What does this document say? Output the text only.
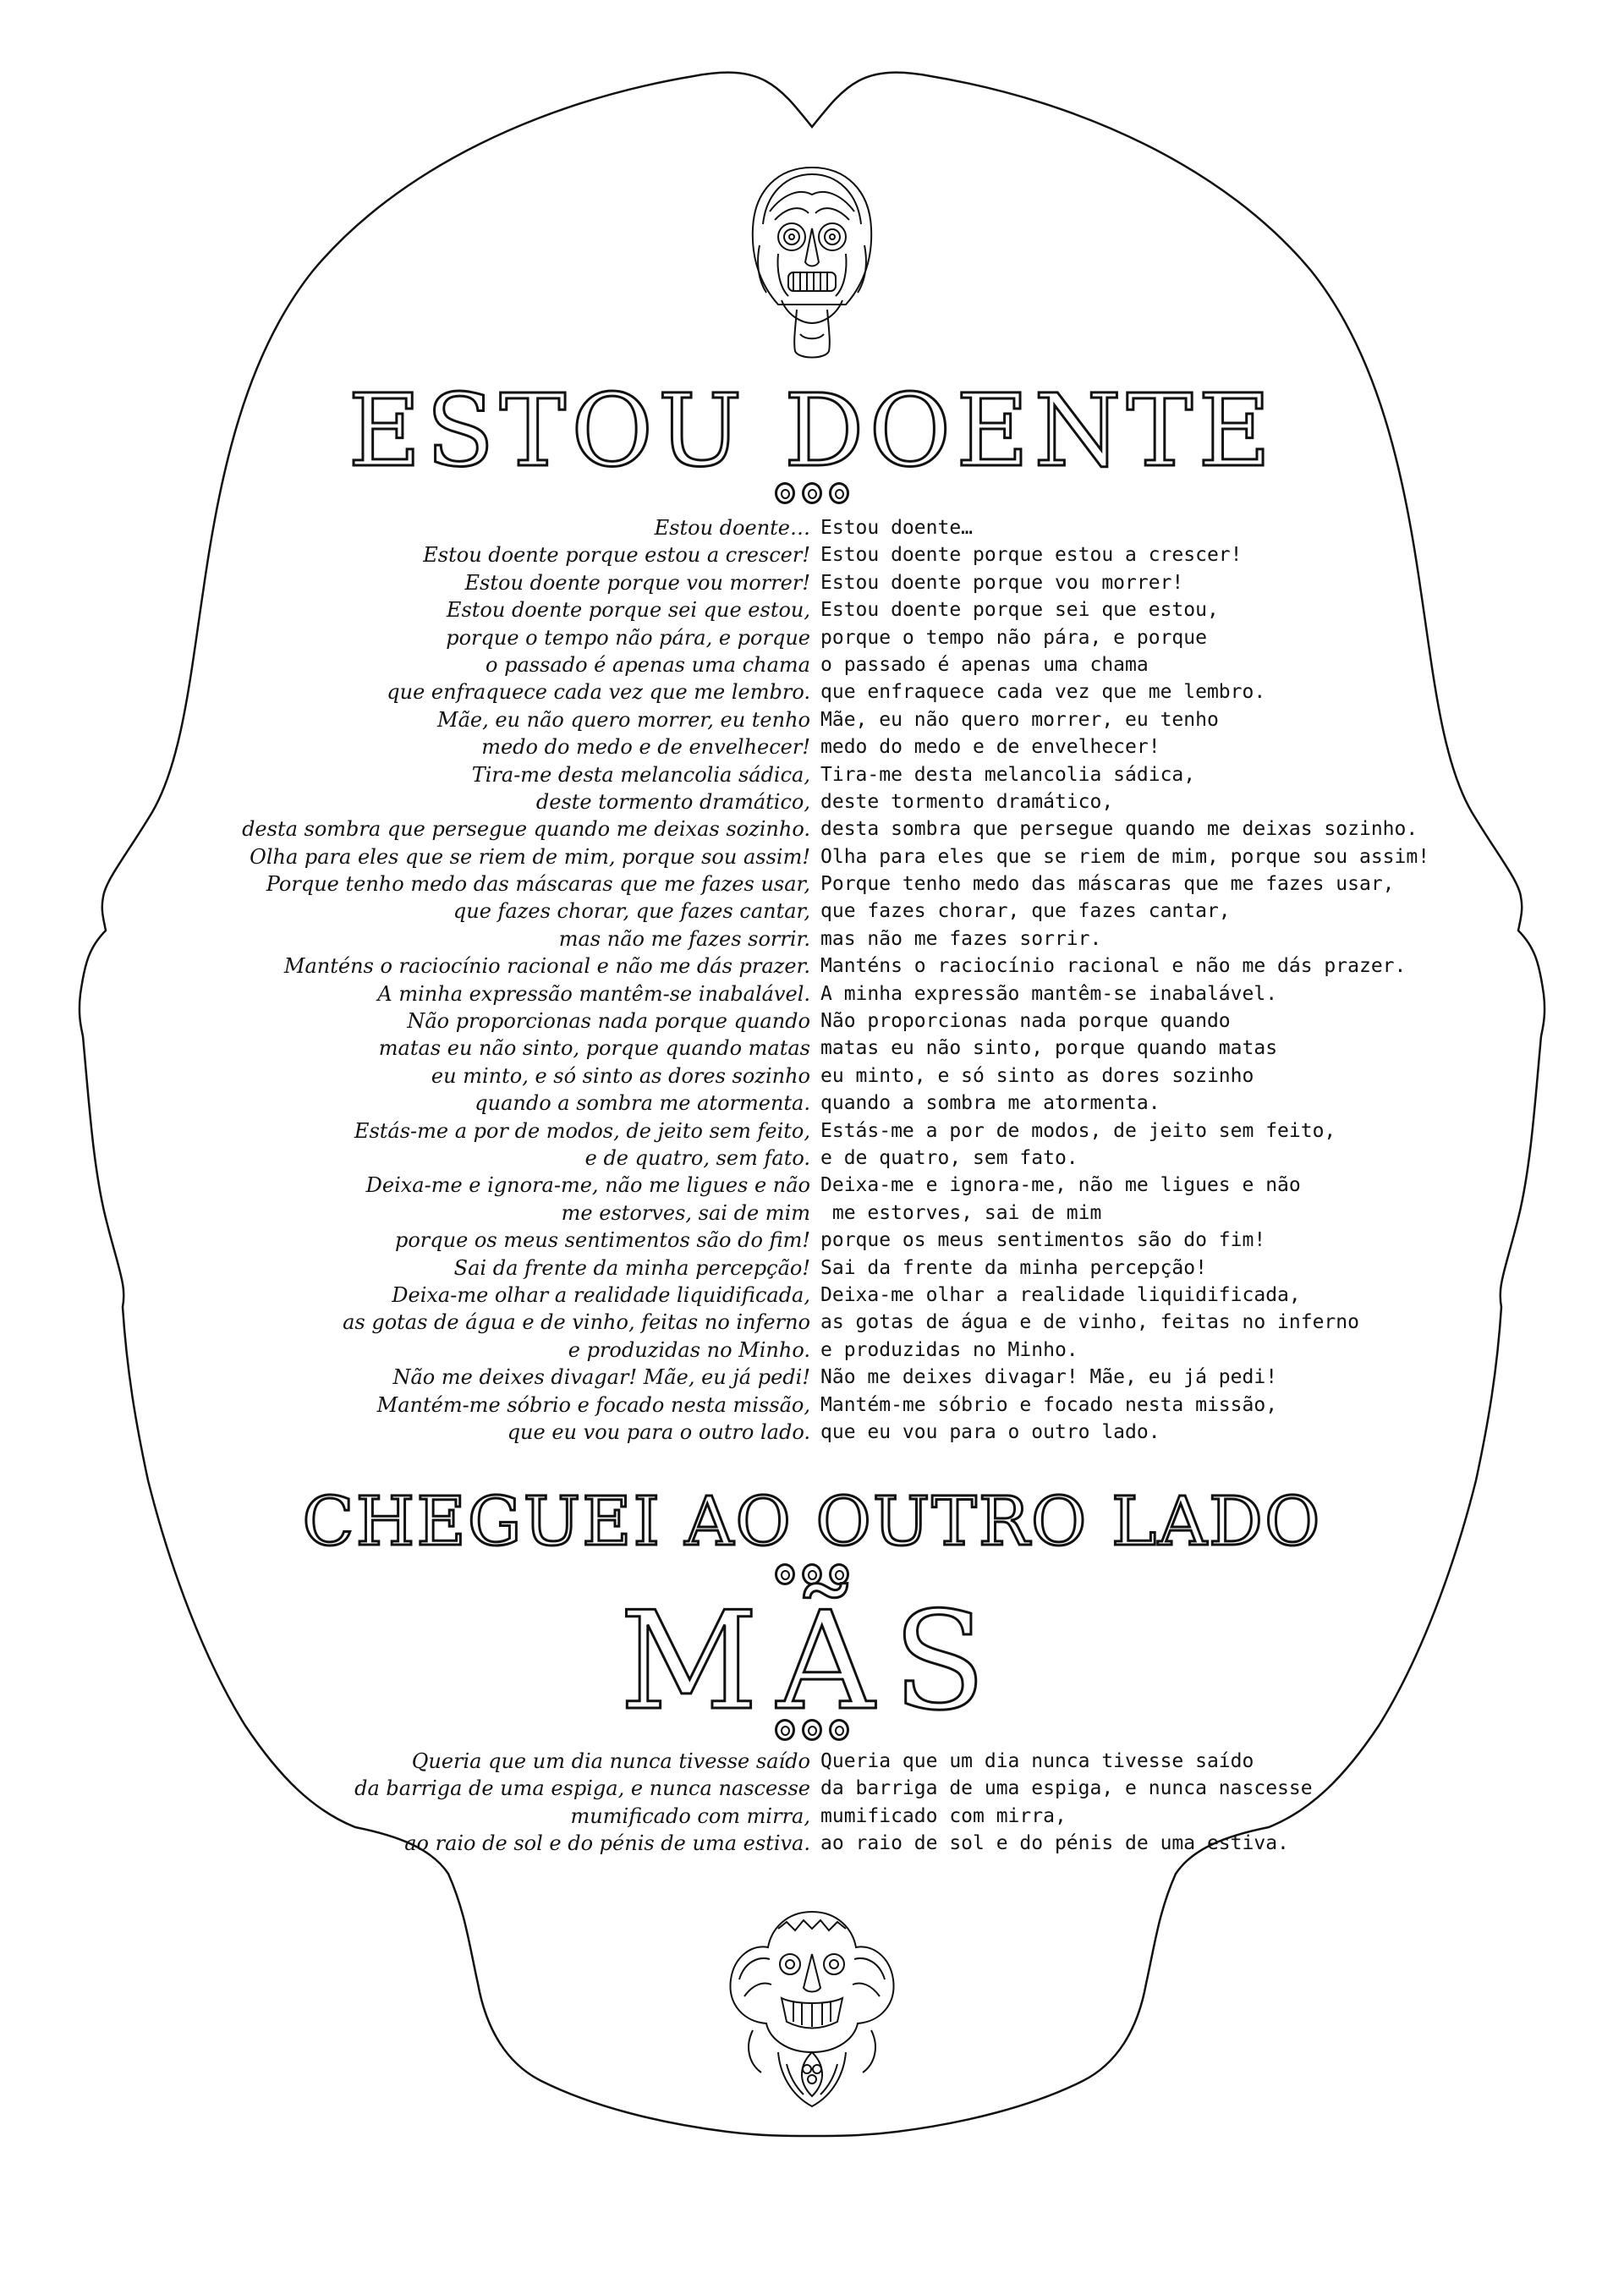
ESTOU DOENTE
Estou doente…
Estou doente porque estou a crescer!
Estou doente porque vou morrer!
Estou doente porque sei que estou,
porque o tempo não pára, e porque
o passado é apenas uma chama
que enfraquece cada vez que me lembro.
Mãe, eu não quero morrer, eu tenho
medo do medo e de envelhecer!
Tira-me desta melancolia sádica,
deste tormento dramático,
desta sombra que persegue quando me deixas sozinho.
Olha para eles que se riem de mim, porque sou assim!
Porque tenho medo das máscaras que me fazes usar,
que fazes chorar, que fazes cantar,
mas não me fazes sorrir.
Manténs o raciocínio racional e não me dás prazer.
A minha expressão mantêm-se inabalável.
Não proporcionas nada porque quando
matas eu não sinto, porque quando matas
eu minto, e só sinto as dores sozinho
quando a sombra me atormenta.
Estás-me a por de modos, de jeito sem feito,
e de quatro, sem fato.
Deixa-me e ignora-me, não me ligues e não
me estorves, sai de mim
porque os meus sentimentos são do fim!
Sai da frente da minha percepção!
Deixa-me olhar a realidade liquidificada,
as gotas de água e de vinho, feitas no inferno
e produzidas no Minho.
Não me deixes divagar! Mãe, eu já pedi!
Mantém-me sóbrio e focado nesta missão,
que eu vou para o outro lado.
Estou doente…
Estou doente porque estou a crescer!
Estou doente porque vou morrer!
Estou doente porque sei que estou,
porque o tempo não pára, e porque
o passado é apenas uma chama
que enfraquece cada vez que me lembro.
Mãe, eu não quero morrer, eu tenho
medo do medo e de envelhecer!
Tira-me desta melancolia sádica,
deste tormento dramático,
desta sombra que persegue quando me deixas sozinho.
Olha para eles que se riem de mim, porque sou assim!
Porque tenho medo das máscaras que me fazes usar,
que fazes chorar, que fazes cantar,
mas não me fazes sorrir.
Manténs o raciocínio racional e não me dás prazer.
A minha expressão mantêm-se inabalável.
Não proporcionas nada porque quando
matas eu não sinto, porque quando matas
eu minto, e só sinto as dores sozinho
quando a sombra me atormenta.
Estás-me a por de modos, de jeito sem feito,
e de quatro, sem fato.
Deixa-me e ignora-me, não me ligues e não
me estorves, sai de mim
porque os meus sentimentos são do fim!
Sai da frente da minha percepção!
Deixa-me olhar a realidade liquidificada,
as gotas de água e de vinho, feitas no inferno
e produzidas no Minho.
Não me deixes divagar! Mãe, eu já pedi!
Mantém-me sóbrio e focado nesta missão,
que eu vou para o outro lado.
CHEGUEI AO OUTRO LADO
MÃS
Queria que um dia nunca tivesse saído
da barriga de uma espiga, e nunca nascesse
mumificado com mirra,
ao raio de sol e do pénis de uma estiva.
Queria que um dia nunca tivesse saído
da barriga de uma espiga, e nunca nascesse
mumificado com mirra,
ao raio de sol e do pénis de uma estiva.
